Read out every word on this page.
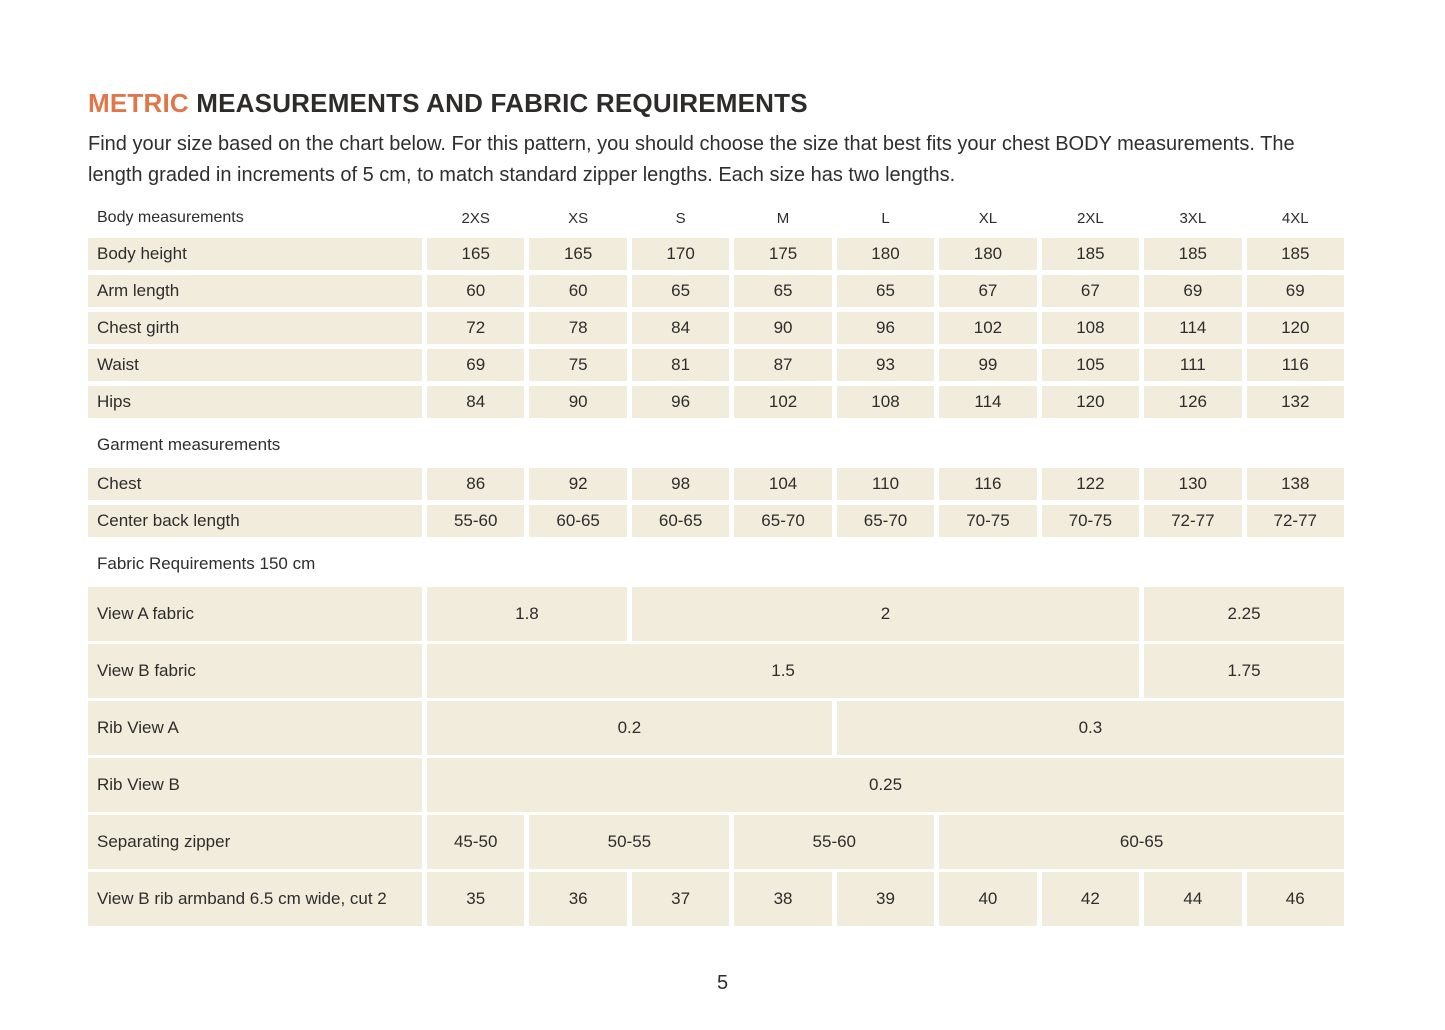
METRIC MEASUREMENTS AND FABRIC REQUIREMENTS

Find your size based on the chart below. For this pattern, you should choose the size that best fits your chest BODY measurements. The length graded in increments of 5 cm, to match standard zipper lengths. Each size has two lengths.

Body measurements	2XS	XS	S	M	L	XL	2XL	3XL	4XL
Body height	165	165	170	175	180	180	185	185	185
Arm length	60	60	65	65	65	67	67	69	69
Chest girth	72	78	84	90	96	102	108	114	120
Waist	69	75	81	87	93	99	105	111	116
Hips	84	90	96	102	108	114	120	126	132
Garment measurements
Chest	86	92	98	104	110	116	122	130	138
Center back length	55-60	60-65	60-65	65-70	65-70	70-75	70-75	72-77	72-77
Fabric Requirements 150 cm
View A fabric	1.8	2	2.25
View B fabric	1.5	1.75
Rib View A	0.2	0.3
Rib View B	0.25
Separating zipper	45-50	50-55	55-60	60-65
View B rib armband 6.5 cm wide, cut 2	35	36	37	38	39	40	42	44	46
5
